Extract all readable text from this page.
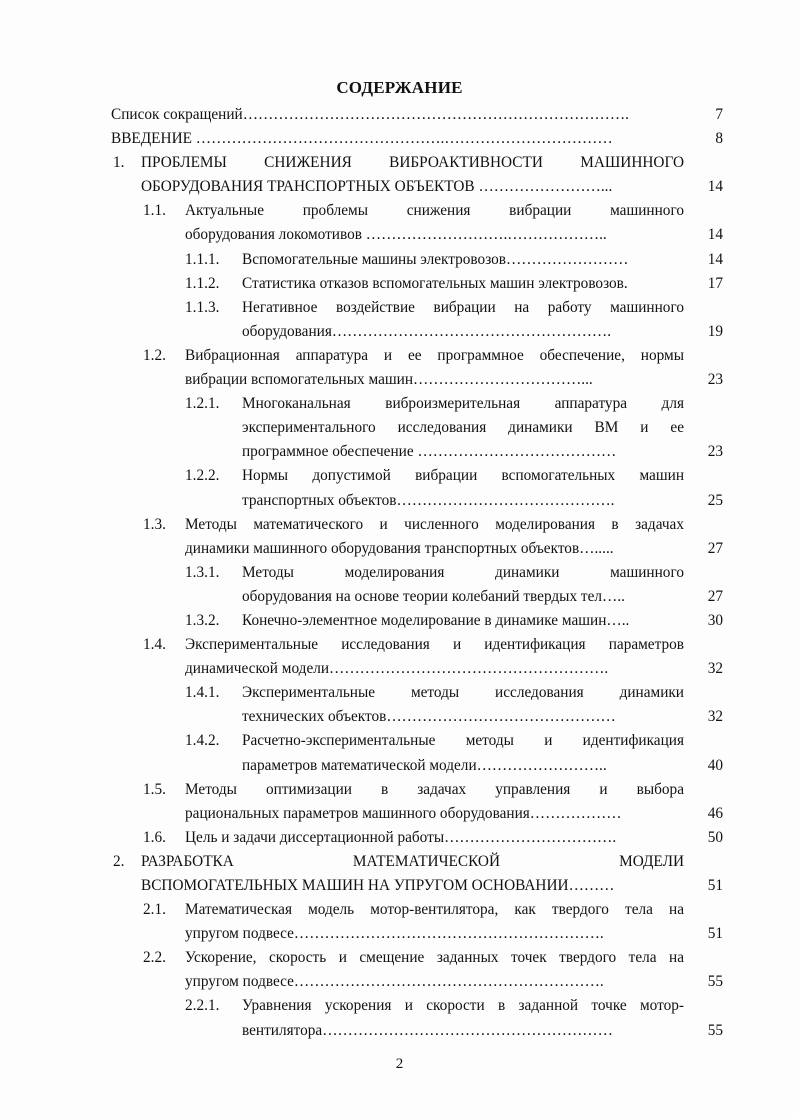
СОДЕРЖАНИЕ
Список сокращений………………………………………………………………….	7
ВВЕДЕНИЕ ………………………………………….……………………………	8
1. ПРОБЛЕМЫ СНИЖЕНИЯ ВИБРОАКТИВНОСТИ МАШИННОГО
ОБОРУДОВАНИЯ ТРАНСПОРТНЫХ ОБЪЕКТОВ ……………………...	14
1.1. Актуальные проблемы снижения вибрации машинного
оборудования локомотивов ……………………….………………..	14
1.1.1. Вспомогательные машины электровозов……………………	14
1.1.2. Статистика отказов вспомогательных машин электровозов.	17
1.1.3. Негативное воздействие вибрации на работу машинного
оборудования……………………………………………….	19
1.2. Вибрационная аппаратура и ее программное обеспечение, нормы
вибрации вспомогательных машин……………………………...	23
1.2.1. Многоканальная виброизмерительная аппаратура для
экспериментального исследования динамики ВМ и ее
программное обеспечение …………………………………	23
1.2.2. Нормы допустимой вибрации вспомогательных машин
транспортных объектов…………………………………….	25
1.3. Методы математического и численного моделирования в задачах
динамики машинного оборудования транспортных объектов….....	27
1.3.1. Методы моделирования динамики машинного
оборудования на основе теории колебаний твердых тел…..	27
1.3.2. Конечно-элементное моделирование в динамике машин…..	30
1.4. Экспериментальные исследования и идентификация параметров
динамической модели……………………………………………….	32
1.4.1. Экспериментальные методы исследования динамики
технических объектов………………………………………	32
1.4.2. Расчетно-экспериментальные методы и идентификация
параметров математической модели……………………..	40
1.5. Методы оптимизации в задачах управления и выбора
рациональных параметров машинного оборудования………………	46
1.6. Цель и задачи диссертационной работы…………………………….	50
2. РАЗРАБОТКА МАТЕМАТИЧЕСКОЙ МОДЕЛИ
ВСПОМОГАТЕЛЬНЫХ МАШИН НА УПРУГОМ ОСНОВАНИИ………	51
2.1. Математическая модель мотор-вентилятора, как твердого тела на
упругом подвесе…………………………………………………….	51
2.2. Ускорение, скорость и смещение заданных точек твердого тела на
упругом подвесе…………………………………………………….	55
2.2.1. Уравнения ускорения и скорости в заданной точке мотор-
вентилятора…………………………………………………	55
2
